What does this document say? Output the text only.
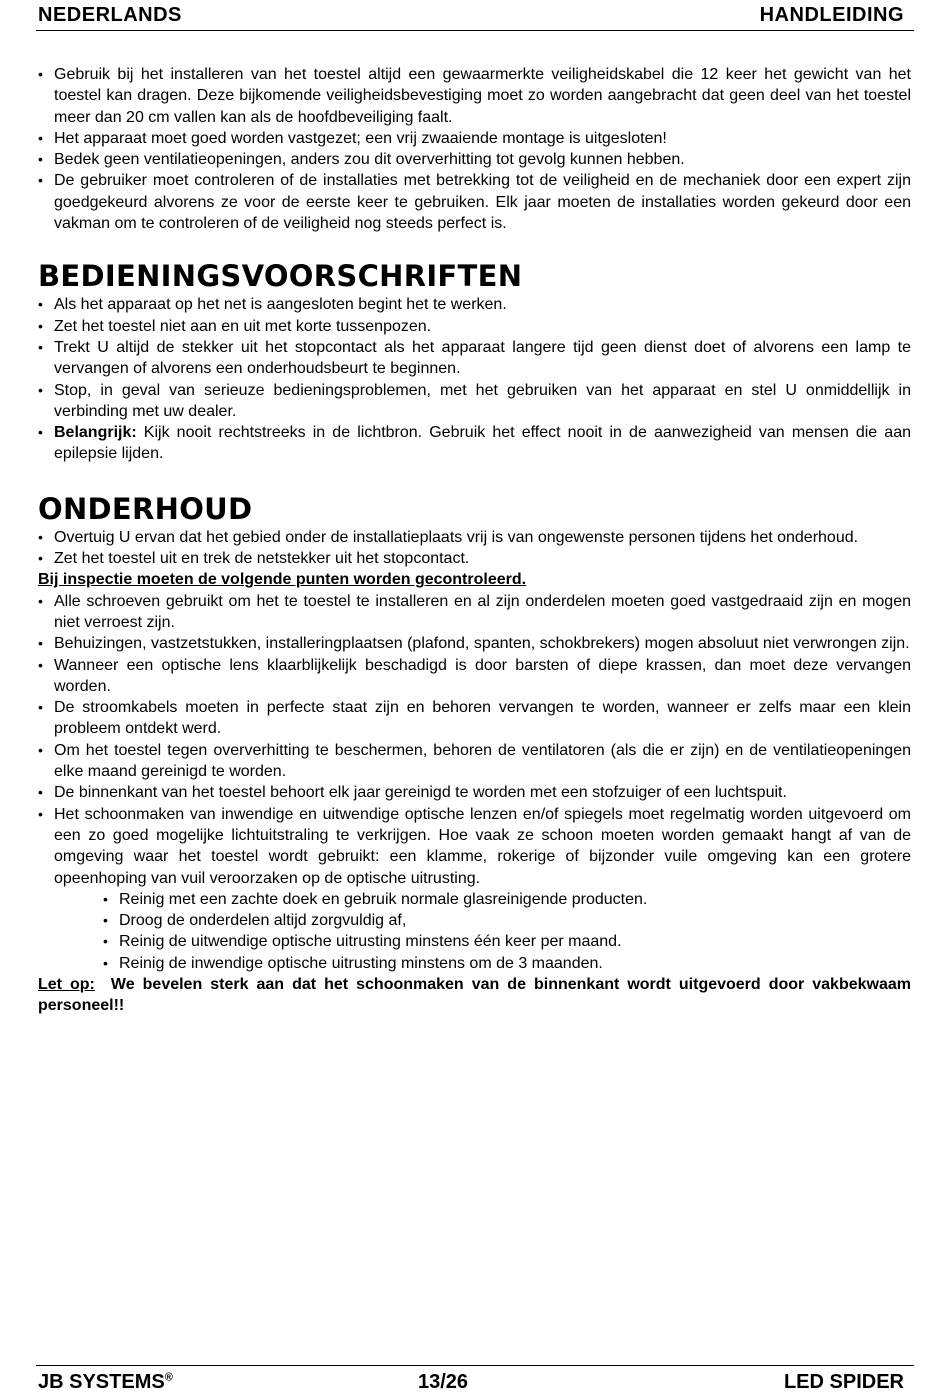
NEDERLANDS	HANDLEIDING
• Gebruik bij het installeren van het toestel altijd een gewaarmerkte veiligheidskabel die 12 keer het gewicht van het toestel kan dragen. Deze bijkomende veiligheidsbevestiging moet zo worden aangebracht dat geen deel van het toestel meer dan 20 cm vallen kan als de hoofdbeveiliging faalt.
• Het apparaat moet goed worden vastgezet; een vrij zwaaiende montage is uitgesloten!
• Bedek geen ventilatieopeningen, anders zou dit oververhitting tot gevolg kunnen hebben.
• De gebruiker moet controleren of de installaties met betrekking tot de veiligheid en de mechaniek door een expert zijn goedgekeurd alvorens ze voor de eerste keer te gebruiken. Elk jaar moeten de installaties worden gekeurd door een vakman om te controleren of de veiligheid nog steeds perfect is.
BEDIENINGSVOORSCHRIFTEN
• Als het apparaat op het net is aangesloten begint het te werken.
• Zet het toestel niet aan en uit met korte tussenpozen.
• Trekt U altijd de stekker uit het stopcontact als het apparaat langere tijd geen dienst doet of alvorens een lamp te vervangen of alvorens een onderhoudsbeurt te beginnen.
• Stop, in geval van serieuze bedieningsproblemen, met het gebruiken van het apparaat en stel U onmiddellijk in verbinding met uw dealer.
• Belangrijk: Kijk nooit rechtstreeks in de lichtbron. Gebruik het effect nooit in de aanwezigheid van mensen die aan epilepsie lijden.
ONDERHOUD
• Overtuig U ervan dat het gebied onder de installatieplaats vrij is van ongewenste personen tijdens het onderhoud.
• Zet het toestel uit en trek de netstekker uit het stopcontact.
Bij inspectie moeten de volgende punten worden gecontroleerd.
• Alle schroeven gebruikt om het te toestel te installeren en al zijn onderdelen moeten goed vastgedraaid zijn en mogen niet verroest zijn.
• Behuizingen, vastzetstukken, installeringplaatsen (plafond, spanten, schokbrekers) mogen absoluut niet verwrongen zijn.
• Wanneer een optische lens klaarblijkelijk beschadigd is door barsten of diepe krassen, dan moet deze vervangen worden.
• De stroomkabels moeten in perfecte staat zijn en behoren vervangen te worden, wanneer er zelfs maar een klein probleem ontdekt werd.
• Om het toestel tegen oververhitting te beschermen, behoren de ventilatoren (als die er zijn) en de ventilatieopeningen elke maand gereinigd te worden.
• De binnenkant van het toestel behoort elk jaar gereinigd te worden met een stofzuiger of een luchtspuit.
• Het schoonmaken van inwendige en uitwendige optische lenzen en/of spiegels moet regelmatig worden uitgevoerd om een zo goed mogelijke lichtuitstraling te verkrijgen. Hoe vaak ze schoon moeten worden gemaakt hangt af van de omgeving waar het toestel wordt gebruikt: een klamme, rokerige of bijzonder vuile omgeving kan een grotere opeenhoping van vuil veroorzaken op de optische uitrusting.
• Reinig met een zachte doek en gebruik normale glasreinigende producten.
• Droog de onderdelen altijd zorgvuldig af,
• Reinig de uitwendige optische uitrusting minstens één keer per maand.
• Reinig de inwendige optische uitrusting minstens om de 3 maanden.
Let op:  We bevelen sterk aan dat het schoonmaken van de binnenkant wordt uitgevoerd door vakbekwaam personeel!!
JB SYSTEMS®	13/26	LED SPIDER
